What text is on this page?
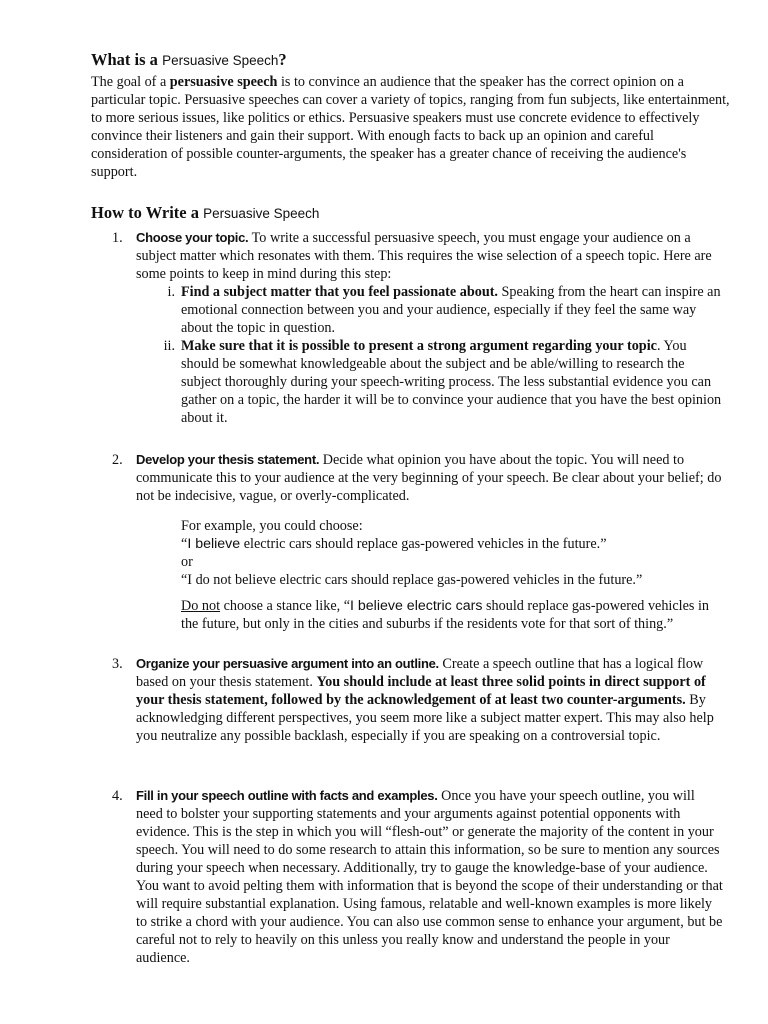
What is a Persuasive Speech?

The goal of a persuasive speech is to convince an audience that the speaker has the correct opinion on a particular topic. Persuasive speeches can cover a variety of topics, ranging from fun subjects, like entertainment, to more serious issues, like politics or ethics. Persuasive speakers must use concrete evidence to effectively convince their listeners and gain their support. With enough facts to back up an opinion and careful consideration of possible counter-arguments, the speaker has a greater chance of receiving the audience's support.

How to Write a Persuasive Speech
1.	Choose your topic. To write a successful persuasive speech, you must engage your audience on a subject matter which resonates with them. This requires the wise selection of a speech topic. Here are some points to keep in mind during this step:
i. Find a subject matter that you feel passionate about. Speaking from the heart can inspire an emotional connection between you and your audience, especially if they feel the same way about the topic in question.
ii. Make sure that it is possible to present a strong argument regarding your topic. You should be somewhat knowledgeable about the subject and be able/willing to research the subject thoroughly during your speech-writing process. The less substantial evidence you can gather on a topic, the harder it will be to convince your audience that you have the best opinion about it.
2.	Develop your thesis statement. Decide what opinion you have about the topic. You will need to communicate this to your audience at the very beginning of your speech. Be clear about your belief; do not be indecisive, vague, or overly-complicated.

For example, you could choose:

“I believe electric cars should replace gas-powered vehicles in the future.”

or

“I do not believe electric cars should replace gas-powered vehicles in the future.”

Do not choose a stance like, “I believe electric cars should replace gas-powered vehicles in the future, but only in the cities and suburbs if the residents vote for that sort of thing.”

3.	Organize your persuasive argument into an outline. Create a speech outline that has a logical flow based on your thesis statement. You should include at least three solid points in direct support of your thesis statement, followed by the acknowledgement of at least two counter-arguments. By acknowledging different perspectives, you seem more like a subject matter expert. This may also help you neutralize any possible backlash, especially if you are speaking on a controversial topic.
4.	Fill in your speech outline with facts and examples. Once you have your speech outline, you will need to bolster your supporting statements and your arguments against potential opponents with evidence. This is the step in which you will “flesh-out” or generate the majority of the content in your speech. You will need to do some research to attain this information, so be sure to mention any sources during your speech when necessary. Additionally, try to gauge the knowledge-base of your audience. You want to avoid pelting them with information that is beyond the scope of their understanding or that will require substantial explanation. Using famous, relatable and well-known examples is more likely to strike a chord with your audience. You can also use common sense to enhance your argument, but be careful not to rely to heavily on this unless you really know and understand the people in your audience.
